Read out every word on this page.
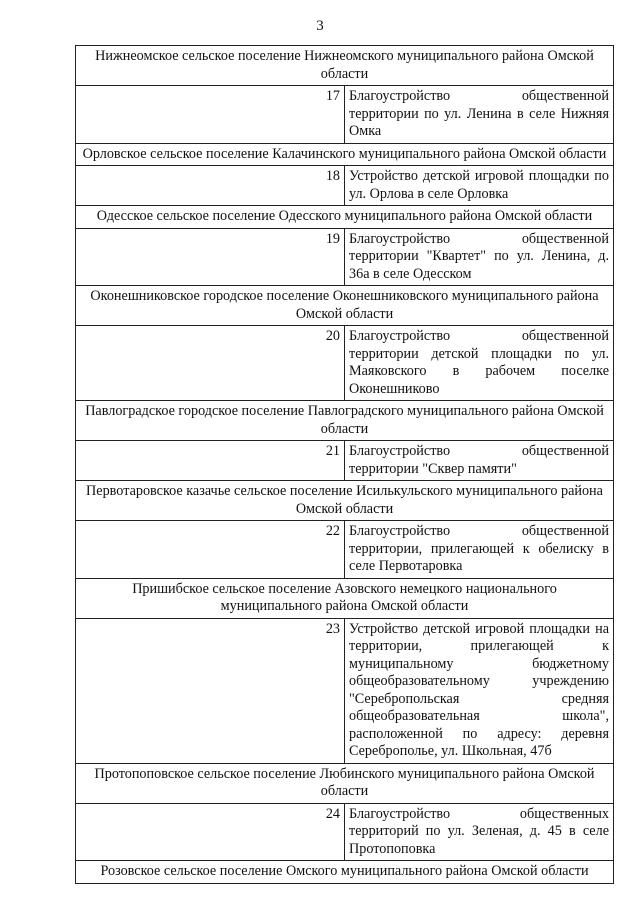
3
Нижнеомское сельское поселение Нижнеомского муниципального района Омской области	
17	Благоустройство общественной территории по ул. Ленина в селе Нижняя Омка
Орловское сельское поселение Калачинского муниципального района Омской области	
18	Устройство детской игровой площадки по ул. Орлова в селе Орловка
Одесское сельское поселение Одесского муниципального района Омской области	
19	Благоустройство общественной территории "Квартет" по ул. Ленина, д. 36а в селе Одесском
Оконешниковское городское поселение Оконешниковского муниципального района Омской области	
20	Благоустройство общественной территории детской площадки по ул. Маяковского в рабочем поселке Оконешниково
Павлоградское городское поселение Павлоградского муниципального района Омской области	
21	Благоустройство общественной территории "Сквер памяти"
Первотаровское казачье сельское поселение Исилькульского муниципального района Омской области	
22	Благоустройство общественной территории, прилегающей к обелиску в селе Первотаровка
Пришибское сельское поселение Азовского немецкого национального муниципального района Омской области	
23	Устройство детской игровой площадки на территории, прилегающей к муниципальному бюджетному общеобразовательному учреждению "Серебропольская средняя общеобразовательная школа", расположенной по адресу: деревня Сереброполье, ул. Школьная, 47б
Протопоповское сельское поселение Любинского муниципального района Омской области	
24	Благоустройство общественных территорий по ул. Зеленая, д. 45 в селе Протопоповка
Розовское сельское поселение Омского муниципального района Омской области	
